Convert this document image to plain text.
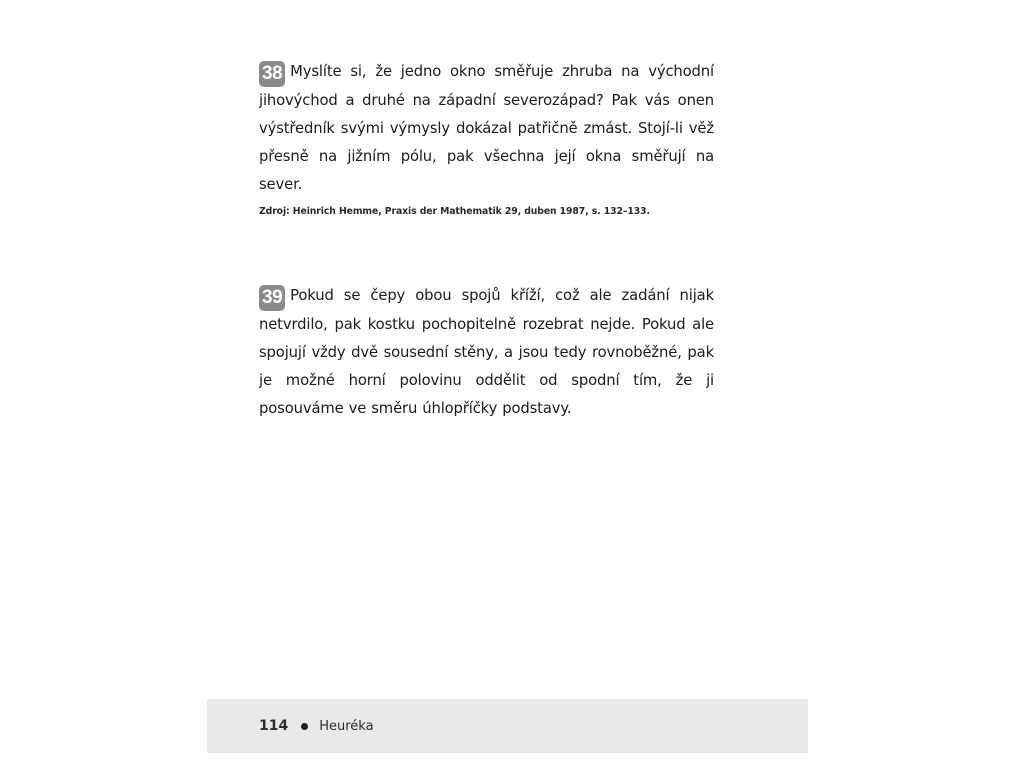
38 Myslíte si, že jedno okno směřuje zhruba na východní jihovýchod a druhé na západní severozápad? Pak vás onen výstředník svými výmysly dokázal patřičně zmást. Stojí-li věž přesně na jižním pólu, pak všechna její okna směřují na sever.

Zdroj: Heinrich Hemme, Praxis der Mathematik 29, duben 1987, s. 132–133.

39 Pokud se čepy obou spojů kříží, což ale zadání nijak netvrdilo, pak kostku pochopitelně rozebrat nejde. Pokud ale spojují vždy dvě sousední stěny, a jsou tedy rovnoběžné, pak je možné horní polovinu oddělit od spodní tím, že ji posouváme ve směru úhlopříčky podstavy.

114 Heuréka
